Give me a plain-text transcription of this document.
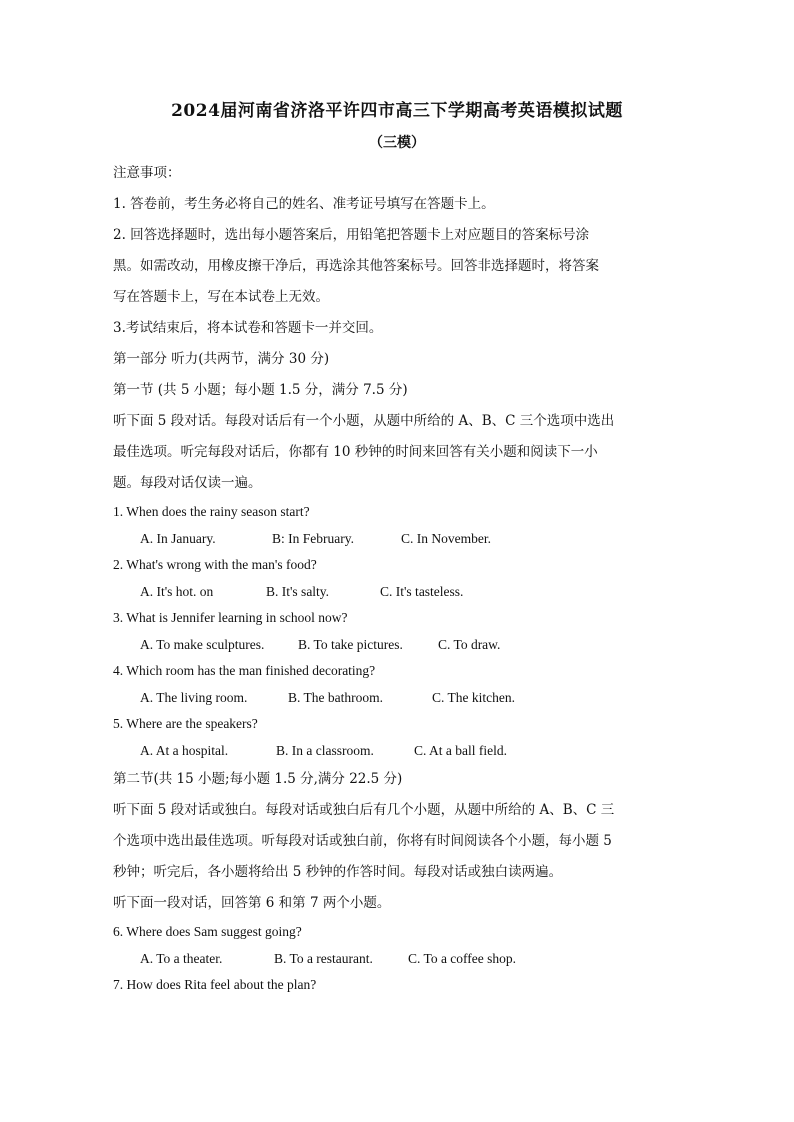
2024届河南省济洛平许四市高三下学期高考英语模拟试题
（三模）
注意事项：
1. 答卷前，考生务必将自己的姓名、准考证号填写在答题卡上。
2. 回答选择题时，选出每小题答案后，用铅笔把答题卡上对应题目的答案标号涂
黑。如需改动，用橡皮擦干净后，再选涂其他答案标号。回答非选择题时，将答案
写在答题卡上，写在本试卷上无效。
3.考试结束后，将本试卷和答题卡一并交回。
第一部分 听力(共两节，满分 30 分)
第一节 (共 5 小题；每小题 1.5 分，满分 7.5 分)
听下面 5 段对话。每段对话后有一个小题，从题中所给的 A、B、C 三个选项中选出
最佳选项。听完每段对话后，你都有 10 秒钟的时间来回答有关小题和阅读下一小
题。每段对话仅读一遍。
1. When does the rainy season start?
A. In January.	B: In February.	C. In November.
2. What's wrong with the man's food?
A. It's hot. on	B. It's salty.	C. It's tasteless.
3. What is Jennifer learning in school now?
A. To make sculptures. B. To take pictures.	C. To draw.
4. Which room has the man finished decorating?
A. The living room.	B. The bathroom.	C. The kitchen.
5. Where are the speakers?
A. At a hospital.	B. In a classroom.	C. At a ball field.
第二节(共 15 小题;每小题 1.5 分,满分 22.5 分)
听下面 5 段对话或独白。每段对话或独白后有几个小题，从题中所给的 A、B、C 三
个选项中选出最佳选项。听每段对话或独白前，你将有时间阅读各个小题，每小题 5
秒钟；听完后，各小题将给出 5 秒钟的作答时间。每段对话或独白读两遍。
听下面一段对话，回答第 6 和第 7 两个小题。
6. Where does Sam suggest going?
A. To a theater.	B. To a restaurant.	C. To a coffee shop.
7. How does Rita feel about the plan?
